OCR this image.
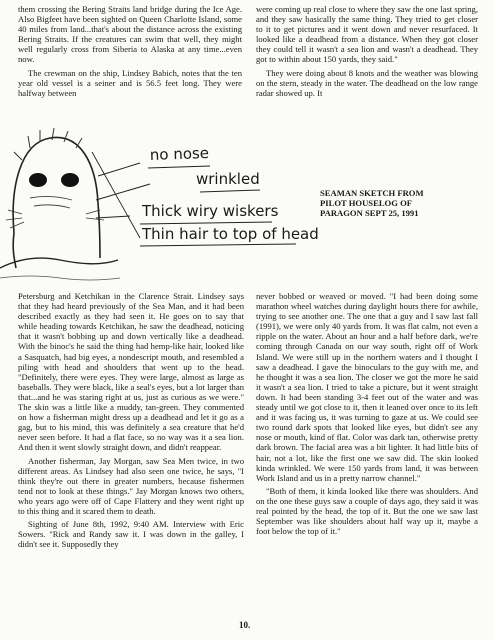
them crossing the Bering Straits land bridge during the Ice Age. Also Bigfeet have been sighted on Queen Charlotte Island, some 40 miles from land...that's about the distance across the existing Bering Straits. If the creatures can swim that well, they might well regularly cross from Siberia to Alaska at any time...even now.

The crewman on the ship, Lindsey Babich, notes that the ten year old vessel is a seiner and is 56.5 feet long. They were halfway between

were coming up real close to where they saw the one last spring, and they saw basically the same thing. They tried to get closer to it to get pictures and it went down and never resurfaced. It looked like a deadhead from a distance. When they got closer they could tell it wasn't a sea lion and wasn't a deadhead. They got to within about 150 yards, they said."

They were doing about 8 knots and the weather was blowing on the stern, steady in the water. The deadhead on the low range radar showed up. It

no nose
wrinkled
Thick wiry wiskers
Thin hair to top of head
SEAMAN SKETCH FROM
PILOT HOUSELOG OF
PARAGON SEPT 25, 1991

Petersburg and Ketchikan in the Clarence Strait. Lindsey says that they had heard previously of the Sea Man, and it had been described exactly as they had seen it. He goes on to say that while heading towards Ketchikan, he saw the deadhead, noticing that it wasn't bobbing up and down vertically like a deadhead. With the binoc's he said the thing had hemp-like hair, looked like a Sasquatch, had big eyes, a nondescript mouth, and resembled a piling with head and shoulders that went up to the head. "Definitely, there were eyes. They were large, almost as large as baseballs. They were black, like a seal's eyes, but a lot larger than that...and he was staring right at us, just as curious as we were." The skin was a little like a muddy, tan-green. They commented on how a fisherman might dress up a deadhead and let it go as a gag, but to his mind, this was definitely a sea creature that he'd never seen before. It had a flat face, so no way was it a sea lion. And then it went slowly straight down, and didn't reappear.

Another fisherman, Jay Morgan, saw Sea Men twice, in two different areas. As Lindsey had also seen one twice, he says, "I think they're out there in greater numbers, because fishermen tend not to look at these things." Jay Morgan knows two others, who years ago were off of Cape Flattery and they went right up to this thing and it scared them to death.

Sighting of June 8th, 1992, 9:40 AM. Interview with Eric Sowers. "Rick and Randy saw it. I was down in the galley, I didn't see it. Supposedly they

never bobbed or weaved or moved. "I had been doing some marathon wheel watches during daylight hours there for awhile, trying to see another one. The one that a guy and I saw last fall (1991), we were only 40 yards from. It was flat calm, not even a ripple on the water. About an hour and a half before dark, we're coming through Canada on our way south, right off of Work Island. We were still up in the northern waters and I thought I saw a deadhead. I gave the binoculars to the guy with me, and he thought it was a sea lion. The closer we got the more he said it wasn't a sea lion. I tried to take a picture, but it went straight down. It had been standing 3-4 feet out of the water and was steady until we got close to it, then it leaned over once to its left and it was facing us, it was turning to gaze at us. We could see two round dark spots that looked like eyes, but didn't see any nose or mouth, kind of flat. Color was dark tan, otherwise pretty dark brown. The facial area was a bit lighter. It had little bits of hair, not a lot, like the first one we saw did. The skin looked kinda wrinkled. We were 150 yards from land, it was between Work Island and us in a pretty narrow channel."

"Both of them, it kinda looked like there was shoulders. And on the one these guys saw a couple of days ago, they said it was real pointed by the head, the top of it. But the one we saw last September was like shoulders about half way up it, maybe a foot below the top of it."

10.
